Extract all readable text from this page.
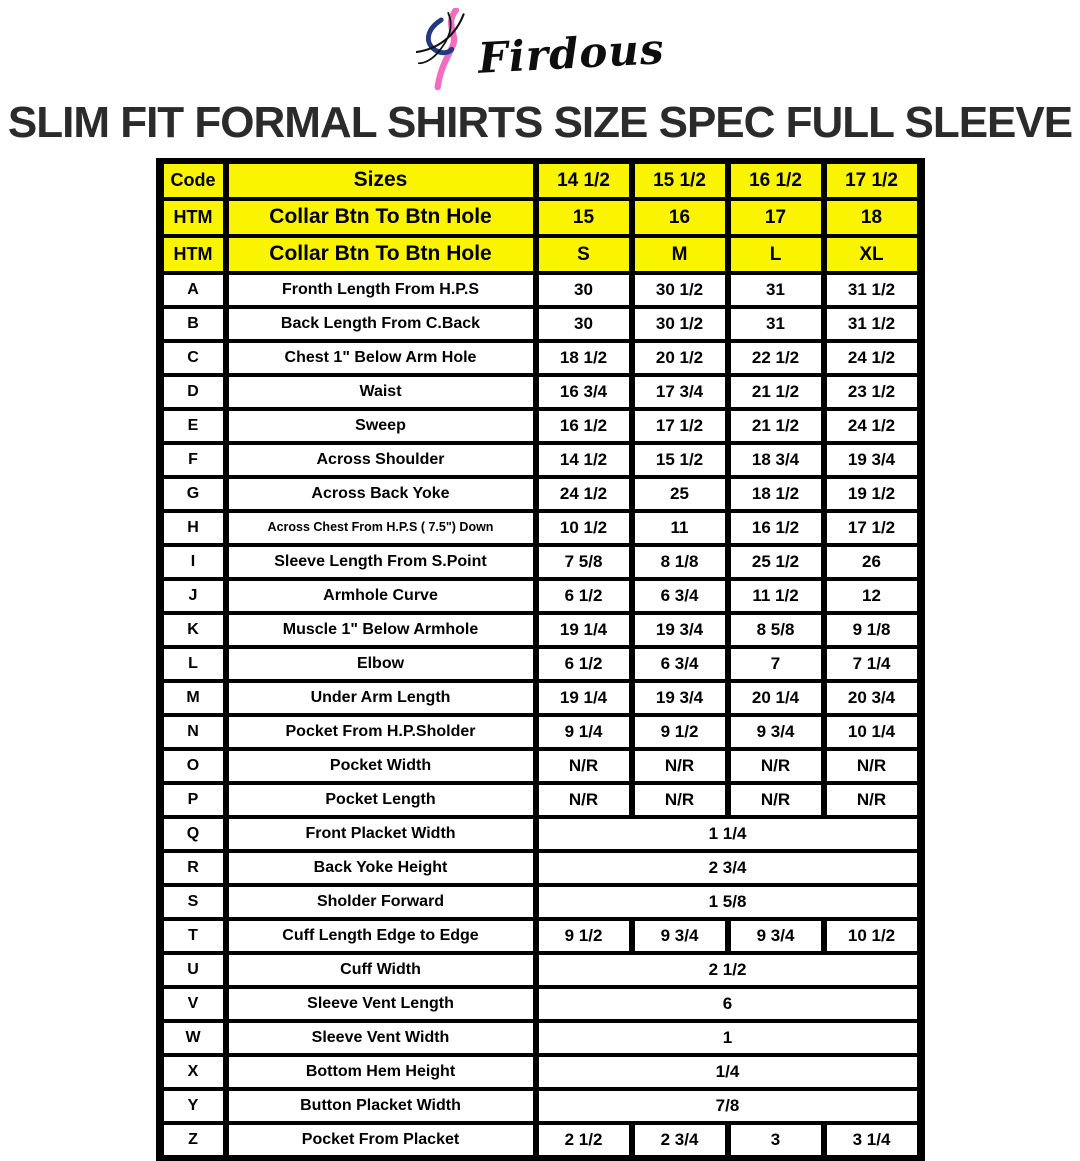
Firdous
SLIM FIT FORMAL SHIRTS SIZE SPEC FULL SLEEVE
Code	Sizes	14 1/2	15 1/2	16 1/2	17 1/2
HTM	Collar Btn To Btn Hole	15	16	17	18
HTM	Collar Btn To Btn Hole	S	M	L	XL
A	Fronth Length From H.P.S	30	30 1/2	31	31 1/2
B	Back Length From C.Back	30	30 1/2	31	31 1/2
C	Chest 1" Below Arm Hole	18 1/2	20 1/2	22 1/2	24 1/2
D	Waist	16 3/4	17 3/4	21 1/2	23 1/2
E	Sweep	16 1/2	17 1/2	21 1/2	24 1/2
F	Across Shoulder	14 1/2	15 1/2	18 3/4	19 3/4
G	Across Back Yoke	24 1/2	25	18 1/2	19 1/2
H	Across Chest From H.P.S ( 7.5") Down	10 1/2	11	16 1/2	17 1/2
I	Sleeve Length From S.Point	7 5/8	8 1/8	25 1/2	26
J	Armhole Curve	6 1/2	6 3/4	11 1/2	12
K	Muscle 1" Below Armhole	19 1/4	19 3/4	8 5/8	9 1/8
L	Elbow	6 1/2	6 3/4	7	7 1/4
M	Under Arm Length	19 1/4	19 3/4	20 1/4	20 3/4
N	Pocket From H.P.Sholder	9 1/4	9 1/2	9 3/4	10 1/4
O	Pocket Width	N/R	N/R	N/R	N/R
P	Pocket Length	N/R	N/R	N/R	N/R
Q	Front Placket Width	1 1/4			
R	Back Yoke Height	2 3/4			
S	Sholder Forward	1 5/8			
T	Cuff Length Edge to Edge	9 1/2	9 3/4	9 3/4	10 1/2
U	Cuff Width	2 1/2			
V	Sleeve Vent Length	6			
W	Sleeve Vent Width	1			
X	Bottom Hem Height	1/4			
Y	Button Placket Width	7/8			
Z	Pocket From Placket	2 1/2	2 3/4	3	3 1/4
